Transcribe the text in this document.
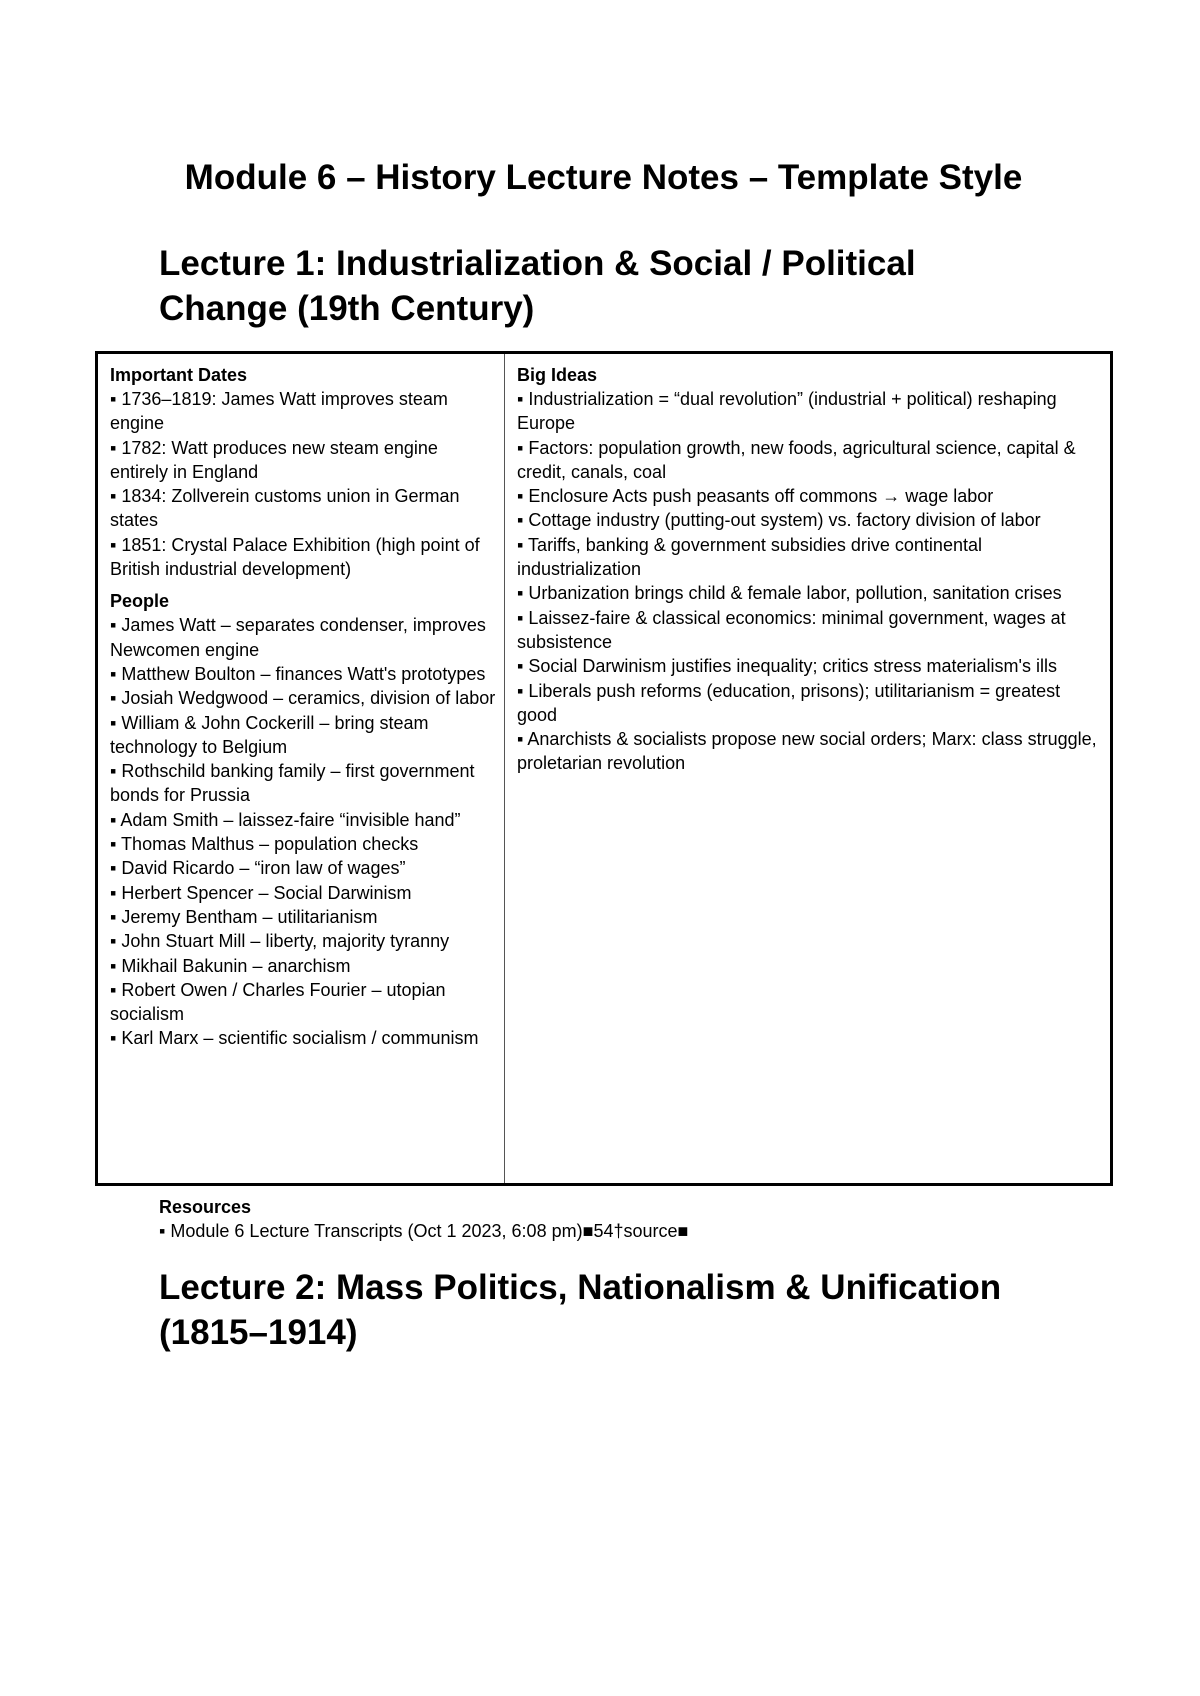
Module 6 – History Lecture Notes – Template Style
Lecture 1: Industrialization & Social / Political
Change (19th Century)
Important Dates
▪ 1736–1819: James Watt improves steam engine
▪ 1782: Watt produces new steam engine entirely in England
▪ 1834: Zollverein customs union in German states
▪ 1851: Crystal Palace Exhibition (high point of British industrial development)
People
▪ James Watt – separates condenser, improves Newcomen engine
▪ Matthew Boulton – finances Watt's prototypes
▪ Josiah Wedgwood – ceramics, division of labor
▪ William & John Cockerill – bring steam technology to Belgium
▪ Rothschild banking family – first government bonds for Prussia
▪ Adam Smith – laissez-faire “invisible hand”
▪ Thomas Malthus – population checks
▪ David Ricardo – “iron law of wages”
▪ Herbert Spencer – Social Darwinism
▪ Jeremy Bentham – utilitarianism
▪ John Stuart Mill – liberty, majority tyranny
▪ Mikhail Bakunin – anarchism
▪ Robert Owen / Charles Fourier – utopian socialism
▪ Karl Marx – scientific socialism / communism
Big Ideas
▪ Industrialization = “dual revolution” (industrial + political) reshaping Europe
▪ Factors: population growth, new foods, agricultural science, capital & credit, canals, coal
▪ Enclosure Acts push peasants off commons → wage labor
▪ Cottage industry (putting-out system) vs. factory division of labor
▪ Tariffs, banking & government subsidies drive continental industrialization
▪ Urbanization brings child & female labor, pollution, sanitation crises
▪ Laissez-faire & classical economics: minimal government, wages at subsistence
▪ Social Darwinism justifies inequality; critics stress materialism's ills
▪ Liberals push reforms (education, prisons); utilitarianism = greatest good
▪ Anarchists & socialists propose new social orders; Marx: class struggle, proletarian revolution
Resources
▪ Module 6 Lecture Transcripts (Oct 1 2023, 6:08 pm)■54†source■
Lecture 2: Mass Politics, Nationalism & Unification
(1815–1914)
